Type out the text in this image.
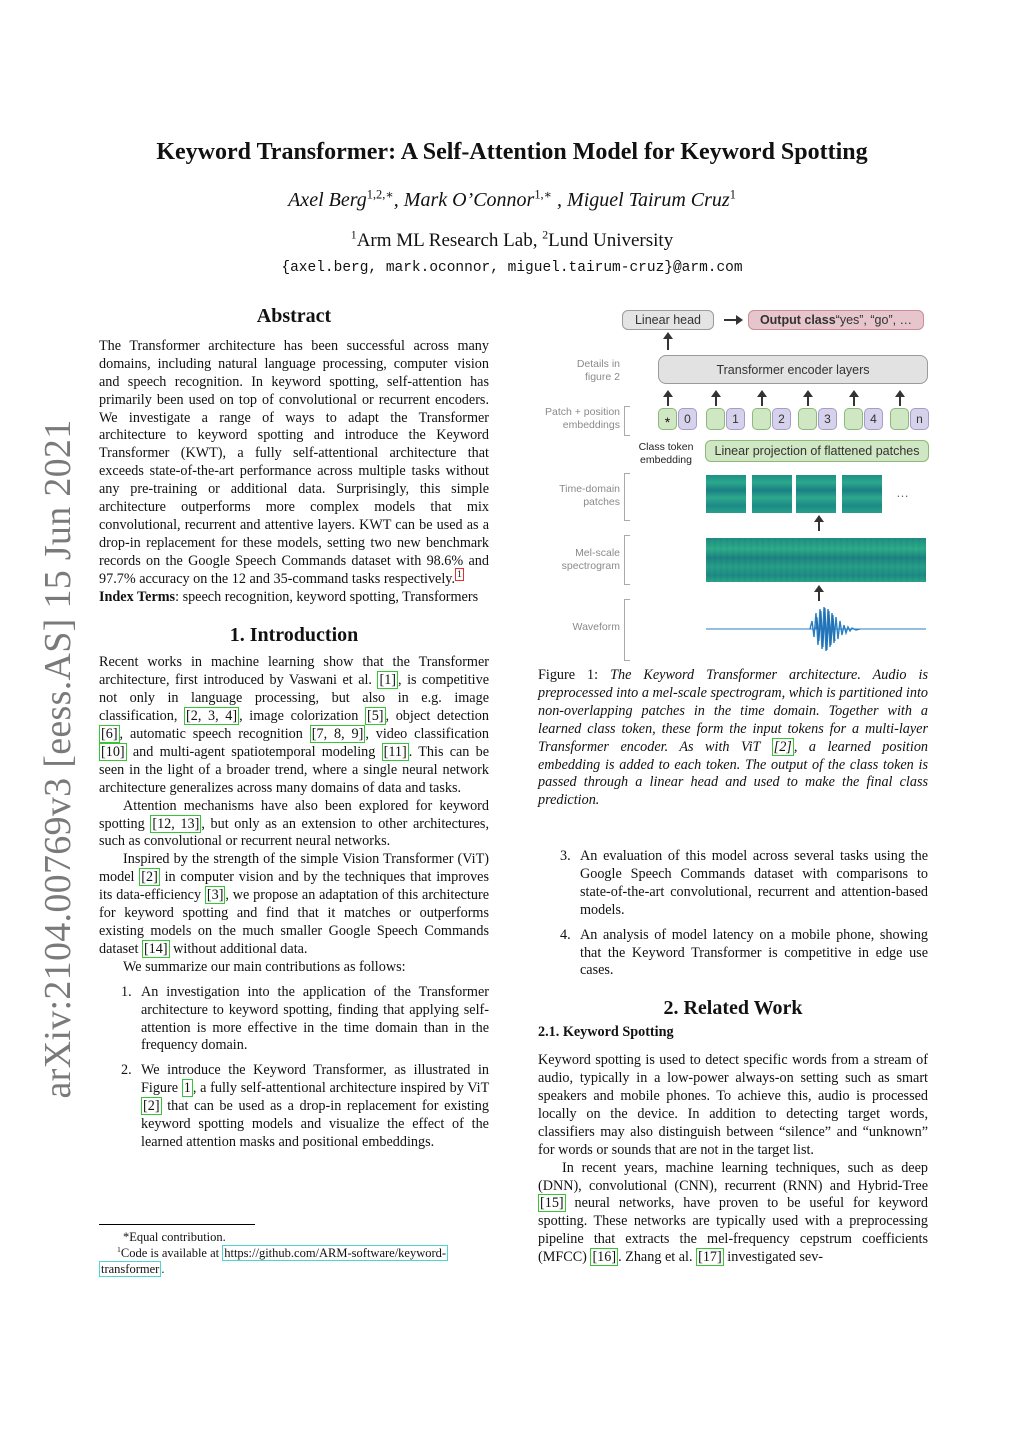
arXiv:2104.00769v3 [eess.AS] 15 Jun 2021
Keyword Transformer: A Self-Attention Model for Keyword Spotting
Axel Berg$^{1,2,∗}$, Mark O’Connor$^{1,∗}$ , Miguel Tairum Cruz$^1$
$^1$Arm ML Research Lab, $^2$Lund University
{axel.berg, mark.oconnor, miguel.tairum-cruz}@arm.com
Abstract

The Transformer architecture has been successful across many domains, including natural language processing, computer vision and speech recognition. In keyword spotting, self-attention has primarily been used on top of convolutional or recurrent encoders. We investigate a range of ways to adapt the Transformer architecture to keyword spotting and introduce the Keyword Transformer (KWT), a fully self-attentional architecture that exceeds state-of-the-art performance across multiple tasks without any pre-training or additional data. Surprisingly, this simple architecture outperforms more complex models that mix convolutional, recurrent and attentive layers. KWT can be used as a drop-in replacement for these models, setting two new benchmark records on the Google Speech Commands dataset with 98.6% and 97.7% accuracy on the 12 and 35-command tasks respectively. $^1$

Index Terms: speech recognition, keyword spotting, Transformers

1. Introduction

Recent works in machine learning show that the Transformer architecture, first introduced by Vaswani et al. [1] , is competitive not only in language processing, but also in e.g. image classification, [2, 3, 4] , image colorization [5] , object detection [6] , automatic speech recognition [7, 8, 9] , video classification [10] and multi-agent spatiotemporal modeling [11] . This can be seen in the light of a broader trend, where a single neural network architecture generalizes across many domains of data and tasks.

Attention mechanisms have also been explored for keyword spotting [12, 13] , but only as an extension to other architectures, such as convolutional or recurrent neural networks.

Inspired by the strength of the simple Vision Transformer (ViT) model [2] in computer vision and by the techniques that improves its data-efficiency [3] , we propose an adaptation of this architecture for keyword spotting and find that it matches or outperforms existing models on the much smaller Google Speech Commands dataset [14] without additional data.

We summarize our main contributions as follows:

1. An investigation into the application of the Transformer architecture to keyword spotting, finding that applying self-attention is more effective in the time domain than in the frequency domain.
2. We introduce the Keyword Transformer, as illustrated in Figure 1 , a fully self-attentional architecture inspired by ViT [2] that can be used as a drop-in replacement for existing keyword spotting models and visualize the effect of the learned attention masks and positional embeddings.
*Equal contribution.
$^1$Code is available at https://github.com/ARM-software/keyword-
transformer .
Linear head	Output class “yes”, “go”, …
Details in
figure 2	Transformer encoder layers
Patch + position
embeddings	*	0	1	2	3	4	n
Class token
embedding
Linear projection of flattened patches
Time-domain
patches
…
Mel-scale
spectrogram
Waveform
Figure 1: The Keyword Transformer architecture. Audio is preprocessed into a mel-scale spectrogram, which is partitioned into non-overlapping patches in the time domain. Together with a learned class token, these form the input tokens for a multi-layer Transformer encoder. As with ViT [2] , a learned position embedding is added to each token. The output of the class token is passed through a linear head and used to make the final class prediction.
3. An evaluation of this model across several tasks using the Google Speech Commands dataset with comparisons to state-of-the-art convolutional, recurrent and attention-based models.
4. An analysis of model latency on a mobile phone, showing that the Keyword Transformer is competitive in edge use cases.
2. Related Work
2.1. Keyword Spotting

Keyword spotting is used to detect specific words from a stream of audio, typically in a low-power always-on setting such as smart speakers and mobile phones. To achieve this, audio is processed locally on the device. In addition to detecting target words, classifiers may also distinguish between “silence” and “unknown” for words or sounds that are not in the target list.

In recent years, machine learning techniques, such as deep (DNN), convolutional (CNN), recurrent (RNN) and Hybrid-Tree [15] neural networks, have proven to be useful for keyword spotting. These networks are typically used with a preprocessing pipeline that extracts the mel-frequency cepstrum coefficients (MFCC) [16] . Zhang et al. [17] investigated sev-
